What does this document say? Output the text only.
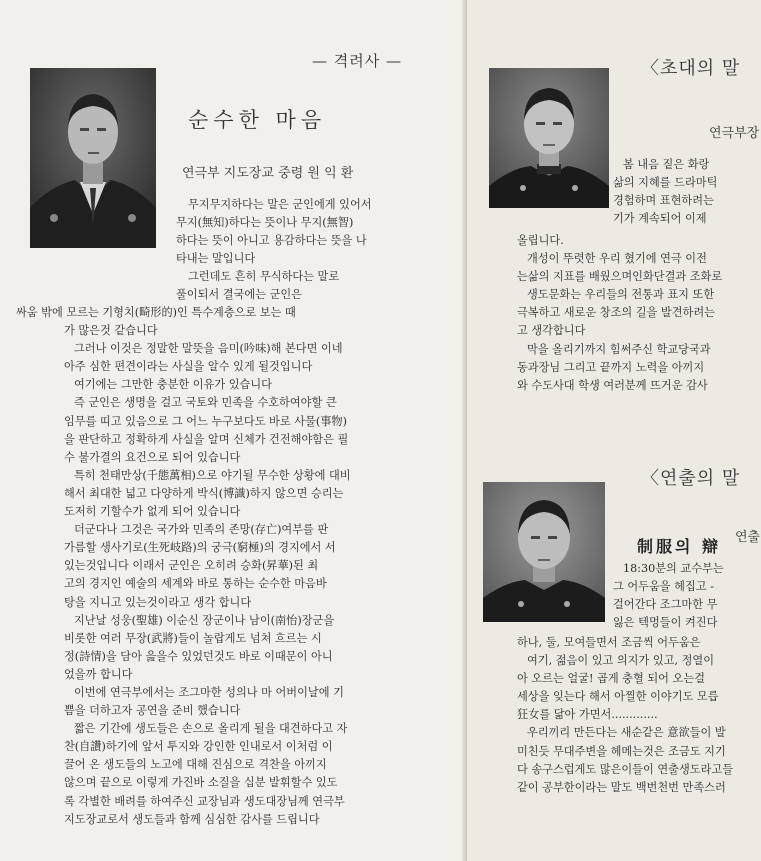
— 격려사 —
순수한 마음
연극부 지도장교 중령 원 익 환

무지무지하다는 말은 군인에게 있어서

무지(無知)하다는 뜻이나 무지(無智)

하다는 뜻이 아니고 용감하다는 뜻을 나

타내는 말입니다

그런데도 흔히 무식하다는 말로

풀이되서 결국에는 군인은

싸움 밖에 모르는 기형치(畸形的)인 특수계층으로 보는 때

가 많은것 같습니다

그러나 이것은 정말한 말뜻을 음미(吟味)해 본다면 이네

아주 심한 편견이라는 사실을 알수 있게 될것입니다

여기에는 그만한 충분한 이유가 있습니다

즉 군인은 생명을 걸고 국토와 민족을 수호하여야할 큰

임무를 띠고 있음으로 그 어느 누구보다도 바로 사물(事物)

을 판단하고 정확하게 사실을 알며 신체가 건전해야함은 필

수 불가결의 요건으로 되어 있습니다

특히 천태만상(千態萬相)으로 야기될 무수한 상황에 대비

해서 최대한 넓고 다양하게 박식(博識)하지 않으면 승리는

도저히 기할수가 없게 되어 있습니다

더군다나 그것은 국가와 민족의 존망(存亡)여부를 판

가름할 생사기로(生死岐路)의 궁극(窮極)의 경지에서 서

있는것입니다 이래서 군인은 오히려 승화(昇華)된 최

고의 경지인 예술의 세계와 바로 통하는 순수한 마음바

탕을 지니고 있는것이라고 생각 합니다

지난날 성웅(聖雄) 이순신 장군이나 남이(南怡)장군을

비롯한 여러 무장(武將)들이 놀랍게도 넘쳐 흐르는 시

정(詩情)을 담아 읊을수 있었던것도 바로 이때문이 아니

었을까 합니다

이번에 연극부에서는 조그마한 성의나 마 어버이날에 기

쁨을 더하고자 공연을 준비 했습니다

짧은 기간에 생도들은 손으로 올리게 될을 대견하다고 자

찬(自讚)하기에 앞서 투지와 강인한 인내로서 이처럼 이

끌어 온 생도들의 노고에 대해 진심으로 격찬을 아끼지

않으며 끝으로 이렇게 가진바 소질을 십분 발휘할수 있도

록 각별한 배려를 하여주신 교장님과 생도대장님께 연극부

지도장교로서 생도들과 함께 심심한 감사를 드립니다

〈초대의 말
연극부장

봄 내음 짙은 화랑

삶의 지혜를 드라마틱

경험하며 표현하려는

기가 계속되어 이제

올립니다.

개성이 뚜렷한 우리 혔기에 연극 이전

는삶의 지표를 배웠으며인화단결과 조화로

생도문화는 우리들의 전통과 표지 또한

극복하고 새로운 창조의 길을 발견하려는

고 생각합니다

막을 올리기까지 힘써주신 학교당국과

동과장님 그리고 끝까지 노력을 아끼지

와 수도사대 학생 여러분께 뜨거운 감사

〈연출의 말
연출
制服의 辯

18:30분의 교수부는

그 어두움을 헤집고 -

걸어간다 조그마한 무

잃은 텍멍들이 켜진다

하나, 둘, 모여들면서 조금씩 어두움은

여기, 젊음이 있고 의지가 있고, 정열이

아 오르는 얼굴! 곱게 충혈 되어 오는걸

세상을 잊는다 해서 아찔한 이야기도 모릅

狂女를 닮아 가면서.............

우리끼리 만든다는 새순같은 意欲들이 발

미친듯 무대주변을 헤메는것은 조금도 지기

다 송구스럽게도 많은이들이 연출생도라고들

같이 공부한이라는 말도 백번천번 만족스러
